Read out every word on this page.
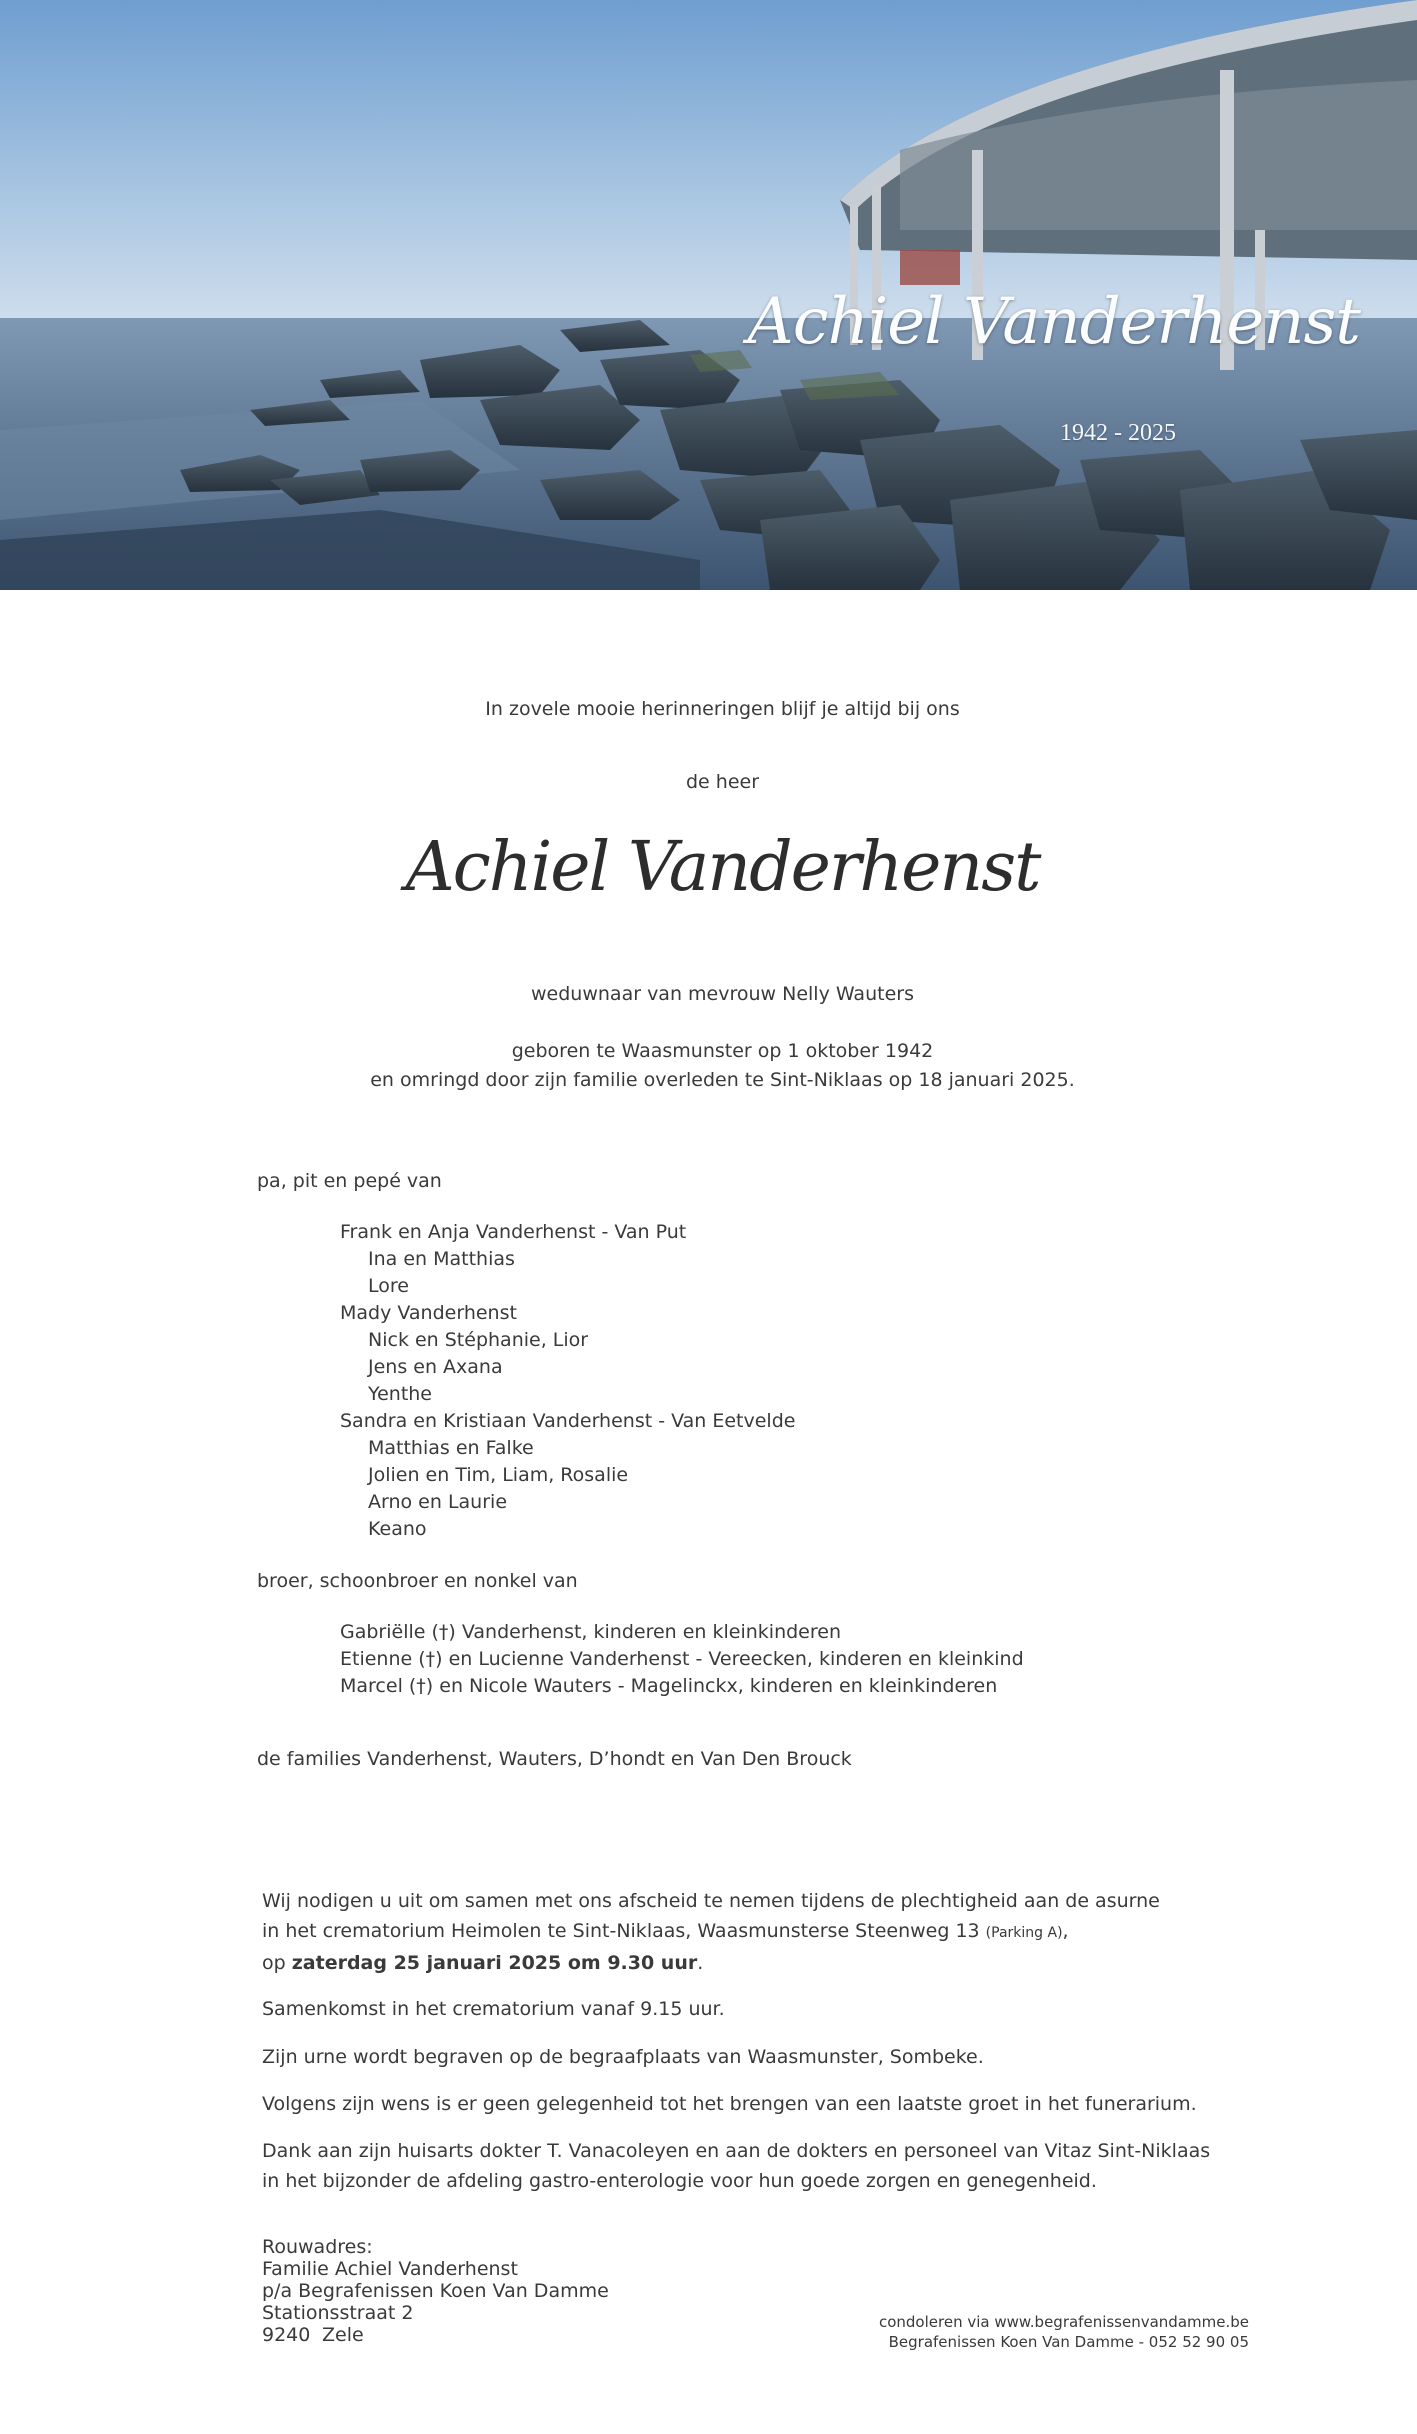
Achiel Vanderhenst
1942 - 2025
In zovele mooie herinneringen blijf je altijd bij ons
de heer
Achiel Vanderhenst
weduwnaar van mevrouw Nelly Wauters
geboren te Waasmunster op 1 oktober 1942
en omringd door zijn familie overleden te Sint-Niklaas op 18 januari 2025.
pa, pit en pepé van
Frank en Anja Vanderhenst - Van Put
Ina en Matthias
Lore
Mady Vanderhenst
Nick en Stéphanie, Lior
Jens en Axana
Yenthe
Sandra en Kristiaan Vanderhenst - Van Eetvelde
Matthias en Falke
Jolien en Tim, Liam, Rosalie
Arno en Laurie
Keano
broer, schoonbroer en nonkel van
Gabriëlle (†) Vanderhenst, kinderen en kleinkinderen
Etienne (†) en Lucienne Vanderhenst - Vereecken, kinderen en kleinkind
Marcel (†) en Nicole Wauters - Magelinckx, kinderen en kleinkinderen
de families Vanderhenst, Wauters, D’hondt en Van Den Brouck
Wij nodigen u uit om samen met ons afscheid te nemen tijdens de plechtigheid aan de asurne
in het crematorium Heimolen te Sint-Niklaas, Waasmunsterse Steenweg 13 (Parking A),
op zaterdag 25 januari 2025 om 9.30 uur.
Samenkomst in het crematorium vanaf 9.15 uur.
Zijn urne wordt begraven op de begraafplaats van Waasmunster, Sombeke.
Volgens zijn wens is er geen gelegenheid tot het brengen van een laatste groet in het funerarium.
Dank aan zijn huisarts dokter T. Vanacoleyen en aan de dokters en personeel van Vitaz Sint-Niklaas
in het bijzonder de afdeling gastro-enterologie voor hun goede zorgen en genegenheid.
Rouwadres:
Familie Achiel Vanderhenst
p/a Begrafenissen Koen Van Damme
Stationsstraat 2
9240 Zele
condoleren via www.begrafenissenvandamme.be
Begrafenissen Koen Van Damme - 052 52 90 05
